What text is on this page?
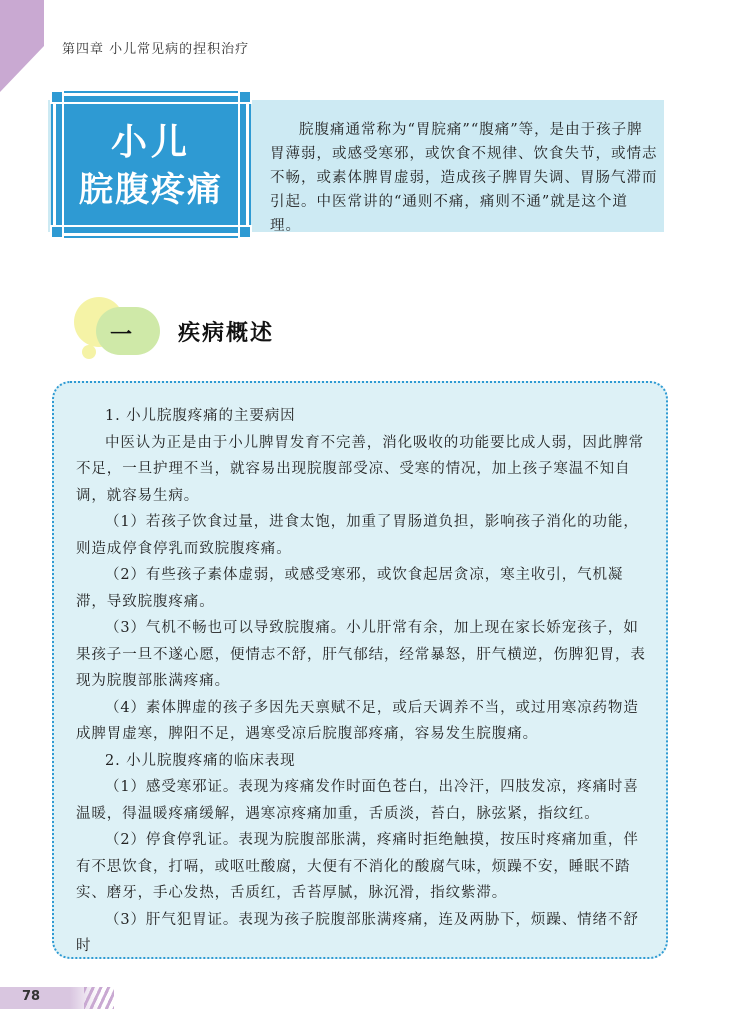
第四章 小儿常见病的捏积治疗
小儿
脘腹疼痛
脘腹痛通常称为“胃脘痛”“腹痛”等，是由于孩子脾胃薄弱，或感受寒邪，或饮食不规律、饮食失节，或情志不畅，或素体脾胃虚弱，造成孩子脾胃失调、胃肠气滞而引起。中医常讲的“通则不痛，痛则不通”就是这个道理。
一 疾病概述

1. 小儿脘腹疼痛的主要病因

中医认为正是由于小儿脾胃发育不完善，消化吸收的功能要比成人弱，因此脾常不足，一旦护理不当，就容易出现脘腹部受凉、受寒的情况，加上孩子寒温不知自调，就容易生病。

（1）若孩子饮食过量，进食太饱，加重了胃肠道负担，影响孩子消化的功能，则造成停食停乳而致脘腹疼痛。

（2）有些孩子素体虚弱，或感受寒邪，或饮食起居贪凉，寒主收引，气机凝滞，导致脘腹疼痛。

（3）气机不畅也可以导致脘腹痛。小儿肝常有余，加上现在家长娇宠孩子，如果孩子一旦不遂心愿，便情志不舒，肝气郁结，经常暴怒，肝气横逆，伤脾犯胃，表现为脘腹部胀满疼痛。

（4）素体脾虚的孩子多因先天禀赋不足，或后天调养不当，或过用寒凉药物造成脾胃虚寒，脾阳不足，遇寒受凉后脘腹部疼痛，容易发生脘腹痛。

2. 小儿脘腹疼痛的临床表现

（1）感受寒邪证。表现为疼痛发作时面色苍白，出冷汗，四肢发凉，疼痛时喜温暖，得温暖疼痛缓解，遇寒凉疼痛加重，舌质淡，苔白，脉弦紧，指纹红。

（2）停食停乳证。表现为脘腹部胀满，疼痛时拒绝触摸，按压时疼痛加重，伴有不思饮食，打嗝，或呕吐酸腐，大便有不消化的酸腐气味，烦躁不安，睡眠不踏实、磨牙，手心发热，舌质红，舌苔厚腻，脉沉滑，指纹紫滞。

（3）肝气犯胃证。表现为孩子脘腹部胀满疼痛，连及两胁下，烦躁、情绪不舒时

78
